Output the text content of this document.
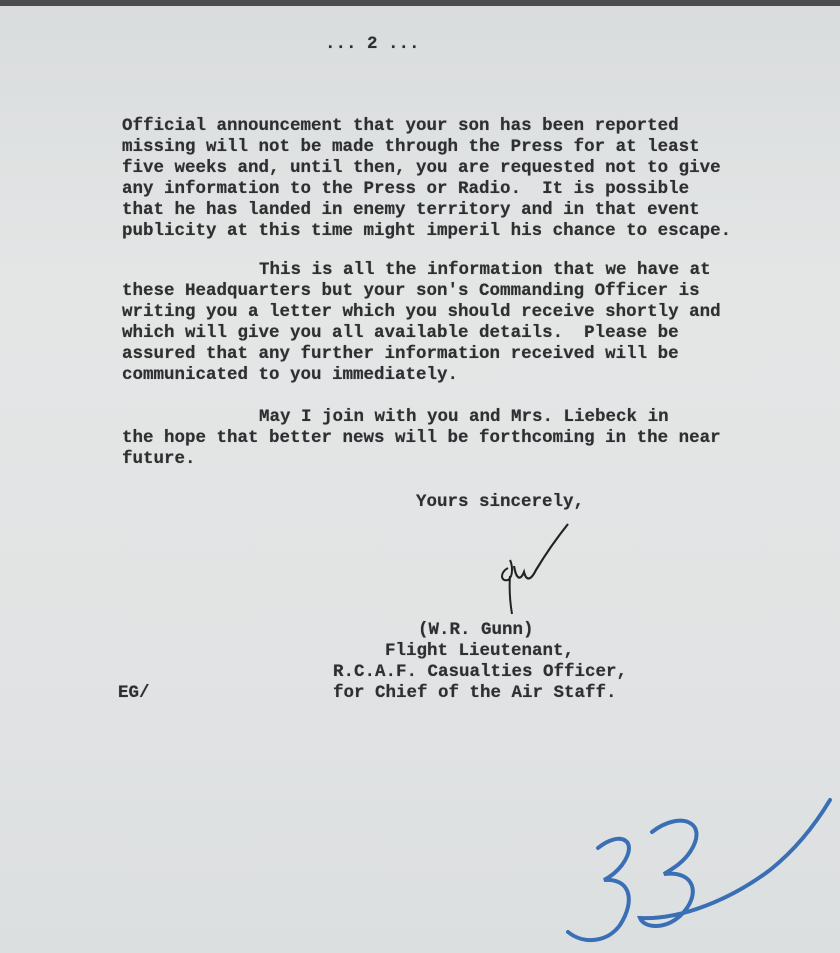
... 2 ...
Official announcement that your son has been reported
missing will not be made through the Press for at least
five weeks and, until then, you are requested not to give
any information to the Press or Radio.  It is possible
that he has landed in enemy territory and in that event
publicity at this time might imperil his chance to escape.
This is all the information that we have at
these Headquarters but your son's Commanding Officer is
writing you a letter which you should receive shortly and
which will give you all available details.  Please be
assured that any further information received will be
communicated to you immediately.
May I join with you and Mrs. Liebeck in
the hope that better news will be forthcoming in the near
future.
Yours sincerely,
(W.R. Gunn)
Flight Lieutenant,
R.C.A.F. Casualties Officer,
for Chief of the Air Staff.
EG/
